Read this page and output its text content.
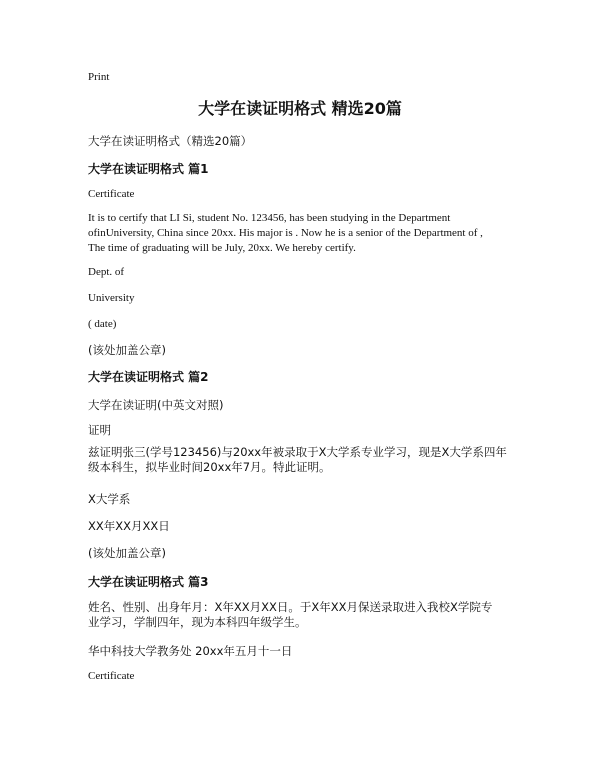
Print
大学在读证明格式 精选20篇
大学在读证明格式（精选20篇）
大学在读证明格式 篇1
Certificate
It is to certify that LI Si, student No. 123456, has been studying in the Department
ofinUniversity, China since 20xx. His major is . Now he is a senior of the Department of ,
The time of graduating will be July, 20xx. We hereby certify.
Dept. of
University
( date)
(该处加盖公章)
大学在读证明格式 篇2
大学在读证明(中英文对照)
证明
兹证明张三(学号123456)与20xx年被录取于X大学系专业学习，现是X大学系四年
级本科生，拟毕业时间20xx年7月。特此证明。
X大学系
XX年XX月XX日
(该处加盖公章)
大学在读证明格式 篇3
姓名、性别、出身年月：X年XX月XX日。于X年XX月保送录取进入我校X学院专
业学习，学制四年，现为本科四年级学生。
华中科技大学教务处 20xx年五月十一日
Certificate
